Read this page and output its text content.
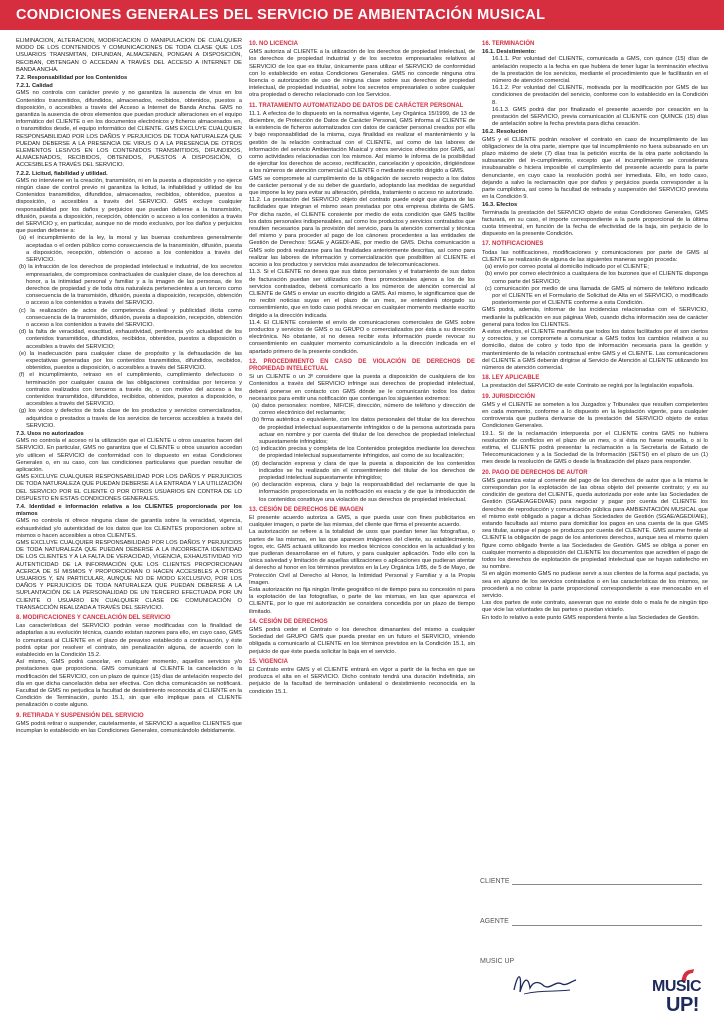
CONDICIONES GENERALES DEL SERVICIO DE AMBIENTACIÓN MUSICAL

ELIMINACIÓN, ALTERACIÓN, MODIFICACIÓN O MANIPULACIÓN DE CUALQUIER MODO DE LOS CONTENIDOS Y COMUNICACIONES DE TODA CLASE QUE LOS USUARIOS TRANSMITAN, DIFUNDAN, ALMACENEN, PONGAN A DISPOSICIÓN, RECIBAN, OBTENGAN O ACCEDAN A TRAVÉS DEL ACCESO A INTERNET DE BANDA ANCHA.

7.2. Responsabilidad por los Contenidos

7.2.1. Calidad

GMS no controla con carácter previo y no garantiza la ausencia de virus en los Contenidos transmitidos, difundidos, almacenados, recibidos, obtenidos, puestos a disposición, o accesibles a través del Acceso a Internet de Banda Ancha. GMS no garantiza la ausencia de otros elementos que puedan producir alteraciones en el equipo informático del CLIENTE o en los documentos electrónicos y ficheros almacenados en, o transmitidos desde, el equipo informático del CLIENTE. GMS EXCLUYE CUALQUIER RESPONSABILIDAD POR LOS DAÑOS Y PERJUICIOS DE TODA NATURALEZA QUE PUEDAN DEBERSE A LA PRESENCIA DE VIRUS O A LA PRESENCIA DE OTROS ELEMENTOS LESIVOS EN LOS CONTENIDOS TRANSMITIDOS, DIFUNDIDOS, ALMACENADOS, RECIBIDOS, OBTENIDOS, PUESTOS A DISPOSICIÓN, O ACCESIBLES A TRAVÉS DEL SERVICIO.

7.2.2. Licitud, fiabilidad y utilidad.

GMS no interviene en la creación, transmisión, ni en la puesta a disposición y no ejerce ningún clase de control previo ni garantiza la licitud, la infiabilidad y utilidad de los Contenidos transmitidos, difundidos, almacenados, recibidos, obtenidos, puestos a disposición, o accesibles a través del SERVICIO. GMS excluye cualquier responsabilidad por los daños y perjuicios que puedan deberse a la transmisión, difusión, puesta a disposición, recepción, obtención o acceso a los contenidos a través del SERVICIO y, en particular, aunque no de modo exclusivo, por los daños y perjuicios que puedan deberse a:

(a) el incumplimiento de la ley, la moral y las buenas costumbres generalmente aceptadas o el orden público como consecuencia de la transmisión, difusión, puesta a disposición, recepción, obtención o acceso a los contenidos a través del SERVICIO.

(b) la infracción de los derechos de propiedad intelectual e industrial, de los secretos empresariales, de compromisos contractuales de cualquier clase, de los derechos al honor, a la intimidad personal y familiar y a la imagen de las personas, de los derechos de propiedad y de toda otra naturaleza pertenecientes a un tercero como consecuencia de la transmisión, difusión, puesta a disposición, recepción, obtención o acceso a los contenidos a través del SERVICIO.

(c) la realización de actos de competencia desleal y publicidad ilícita como consecuencia de la transmisión, difusión, puesta a disposición, recepción, obtención o acceso a los contenidos a través del SERVICIO.

(d) la falta de veracidad, exactitud, exhaustividad, pertinencia y/o actualidad de los contenidos transmitidos, difundidos, recibidos, obtenidos, puestos a disposición o accesibles a través del SERVICIO;

(e) la inadecuación para cualquier clase de propósito y la defraudación de las expectativas generadas por los contenidos transmitidos, difundidos, recibidos, obtenidos, puestos a disposición, o accesibles a través del SERVICIO.

(f) el incumplimiento, retraso en el cumplimiento, cumplimiento defectuoso o terminación por cualquier causa de las obligaciones contraídas por terceros y contratos realizados con terceros a través de, o con motivo del acceso a los contenidos transmitidos, difundidos, recibidos, obtenidos, puestos a disposición, o accesibles a través del SERVICIO.

(g) los vicios y defectos de toda clase de los productos y servicios comercializados, adquiridos o prestados a través de los servicios de terceros accesibles a través del SERVICIO.

7.3. Usos no autorizados

GMS no controla el acceso ni la utilización que el CLIENTE u otros usuarios hacen del SERVICIO. En particular, GMS no garantiza que el CLIENTE u otros usuarios accedan y/o utilicen el SERVICIO de conformidad con lo dispuesto en estas Condiciones Generales o, en su caso, con las condiciones particulares que puedan resultar de aplicación.

GMS EXCLUYE CUALQUIER RESPONSABILIDAD POR LOS DAÑOS Y PERJUICIOS DE TODA NATURALEZA QUE PUEDAN DEBERSE A LA ENTRADA Y LA UTILIZACIÓN DEL SERVICIO POR EL CLIENTE O POR OTROS USUARIOS EN CONTRA DE LO DISPUESTO EN ESTAS CONDICIONES GENERALES.

7.4. Identidad e información relativa a los CLIENTES proporcionada por los mismos

GMS no controla ni ofrece ninguna clase de garantía sobre la veracidad, vigencia, exhaustividad y/o autenticidad de los datos que los CLIENTES proporcionen sobre sí mismos o hacen accesibles a otros CLIENTES.

GMS EXCLUYE CUALQUIER RESPONSABILIDAD POR LOS DAÑOS Y PERJUICIOS DE TODA NATURALEZA QUE PUEDAN DEBERSE A LA INCORRECTA IDENTIDAD DE LOS CLIENTES Y A LA FALTA DE VERACIDAD, VIGENCIA, EXHAUSTIVIDAD Y/O AUTENTICIDAD DE LA INFORMACIÓN QUE LOS CLIENTES PROPORCIONAN ACERCA DE SÍ MISMOS Y PROPORCIONAN O HACEN ACCESIBLES A OTROS USUARIOS Y, EN PARTICULAR, AUNQUE NO DE MODO EXCLUSIVO, POR LOS DAÑOS Y PERJUICIOS DE TODA NATURALEZA QUE PUEDAN DEBERSE A LA SUPLANTACIÓN DE LA PERSONALIDAD DE UN TERCERO EFECTUADA POR UN CLIENTE O USUARIO EN CUALQUIER CLASE DE COMUNICACIÓN O TRANSACCIÓN REALIZADA A TRAVÉS DEL SERVICIO.

8. MODIFICACIONES Y CANCELACIÓN DEL SERVICIO

Las características del SERVICIO podrán verse modificadas con la finalidad de adaptarlas a su evolución técnica, cuando existan razones para ello, en cuyo caso, GMS lo comunicará al CLIENTE en el plazo de preaviso establecido a continuación, y éste podrá optar por resolver el contrato, sin penalización alguna, de acuerdo con lo establecido en la Condición 15.2.

Así mismo, GMS podrá cancelar, en cualquier momento, aquellos servicios y/o prestaciones que proporciona. GMS comunicará al CLIENTE la cancelación o la modificación del SERVICIO, con un plazo de quince (15) días de antelación respecto del día en que dicha cancelación deba ser efectiva. Con dicha comunicación se notificará. Facultad de GMS no perjudica la facultad de desistimiento reconocida al CLIENTE en la Condición de Terminación, punto 15.1, sin que ello implique para el CLIENTE penalización o coste alguno.

9. RETIRADA Y SUSPENSIÓN DEL SERVICIO

GMS podrá retirar o suspender, cautelarmente, el SERVICIO a aquellos CLIENTES que incumplan lo establecido en las Condiciones Generales, comunicándolo debidamente.

10. NO LICENCIA

GMS autoriza al CLIENTE a la utilización de los derechos de propiedad intelectual, de los derechos de propiedad industrial y de los secretos empresariales relativos al SERVICIO de los que es titular, únicamente para utilizar el SERVICIO de conformidad con lo establecido en estas Condiciones Generales. GMS no concede ninguna otra licencia o autorización de uso de ninguna clase sobre sus derechos de propiedad intelectual, de propiedad industrial, sobre los secretos empresariales o sobre cualquier otra propiedad o derecho relacionado con los Servicios.

11. TRATAMIENTO AUTOMATIZADO DE DATOS DE CARÁCTER PERSONAL

11.1. A efectos de lo dispuesto en la normativa vigente, Ley Orgánica 15/1999, de 13 de diciembre, de Protección de Datos de Carácter Personal, GMS informa al CLIENTE de la existencia de ficheros automatizados con datos de carácter personal creados por ella y bajo responsabilidad de la misma, cuya finalidad es realizar el mantenimiento y la gestión de la relación contractual con el CLIENTE, así como de las labores de información del servicio Ambientación Musical y otros servicios ofrecidos por GMS, así como actividades relacionadas con los mismos. Así mismo le informa de la posibilidad de ejercitar los derechos de acceso, rectificación, cancelación y oposición, dirigiéndose a los números de atención comercial al CLIENTE o mediante escrito dirigido a GMS.

GMS se compromete al cumplimiento de la obligación de secreto respecto a los datos de carácter personal y de su deber de guardarlo, adoptando las medidas de seguridad que impone la ley para evitar su alteración, pérdida, tratamiento o acceso no autorizado.

11.2. La prestación del SERVICIO objeto del contrato puede exigir que alguna de las facilidades que integran el mismo sean prestadas por otra empresa distinta de GMS. Por dicha razón, el CLIENTE consiente por medio de esta condición que GMS facilite los datos personales indispensables, así como los productos y servicios contratados que resulten necesarios para la provisión del servicio, para la atención comercial y técnica del mismo y para proceder al pago de los cánones procedentes a las entidades de Gestión de Derechos: SGAE y AGEDI-AIE, por medio de GMS. Dicha comunicación a GMS solo podrá realizarse para las finalidades anteriormente descritas, así como para realizar las labores de información y comercialización que posibiliten al CLIENTE el acceso a los productos y servicios más avanzados de telecomunicaciones.

11.3. Si el CLIENTE no desea que sus datos personales y el tratamiento de sus datos de facturación puedan ser utilizados con fines promocionales ajenos a los de los servicios contratados, deberá comunicarlo a los números de atención comercial al CLIENTE de GMS o enviar un escrito dirigido a GMS. Así mismo, le significamos que de no recibir noticias suyas en el plazo de un mes, se entenderá otorgado su consentimiento, que en todo caso podrá revocar en cualquier momento mediante escrito dirigido a la dirección indicada.

11.4. El CLIENTE consiente el envío de comunicaciones comerciales de GMS sobre productos y servicios de GMS o su GRUPO o comercializados por ésta a su dirección electrónica. No obstante, si no desea recibir esta información puede revocar su consentimiento en cualquier momento comunicándolo a la dirección indicada en el apartado primero de la presente condición.

12. PROCEDIMIENTO EN CASO DE VIOLACIÓN DE DERECHOS DE PROPIEDAD INTELECTUAL

Si un CLIENTE o un 3º considere que la puesta a disposición de cualquiera de los Contenidos a través del SERVICIO infringe sus derechos de propiedad intelectual, deberá ponerse en contacto con GMS dónde se le comunicarán todos los datos necesarios para emitir una notificación que contengan los siguientes extremos:

(a) datos personales: nombre, NIF/CIF, dirección, número de teléfono y dirección de correo electrónico del reclamante;

(b) firma auténtica o equivalente, con los datos personales del titular de los derechos de propiedad intelectual supuestamente infringidos o de la persona autorizada para actuar en nombre y por cuenta del titular de los derechos de propiedad intelectual supuestamente infringidos;

(c) indicación precisa y completa de los Contenidos protegidos mediante los derechos de propiedad intelectual supuestamente infringidos, así como de su localización;

(d) declaración expresa y clara de que la puesta a disposición de los contenidos indicados se ha realizado sin el consentimiento del titular de los derechos de propiedad intelectual supuestamente infringidos;

(e) declaración expresa, clara y bajo la responsabilidad del reclamante de que la información proporcionada en la notificación es exacta y de que la introducción de los contenidos constituye una violación de sus derechos de propiedad intelectual.

13. CESIÓN DE DERECHOS DE IMAGEN

El presente acuerdo autoriza a GMS, a que pueda usar con fines publicitarios en cualquier imagen, o parte de las mismas, del cliente que firma el presente acuerdo.

La autorización se refiere a la totalidad de usos que puedan tener las fotografías, o partes de las mismas, en las que aparecen imágenes del cliente, su establecimiento, logos, etc. GMS actuará utilizando los medios técnicos conocidos en la actualidad y los que pudieran desarrollarse en el futuro, y para cualquier aplicación. Todo ello con la única salvedad y limitación de aquellas utilizaciones o aplicaciones que pudieran atentar al derecho al honor en los términos previstos en la Ley Orgánica 1/85, de 5 de Mayo, de Protección Civil al Derecho al Honor, la Intimidad Personal y Familiar y a la Propia Imagen.

Esta autorización no fija ningún límite geográfico ni de tiempo para su concesión ni para la explotación de las fotografías, o parte de las mismas, en las que aparezca el CLIENTE, por lo que mi autorización se considera concedida por un plazo de tiempo ilimitado.

14. CESIÓN DE DERECHOS

GMS podrá ceder el Contrato o los derechos dimanantes del mismo a cualquier Sociedad del GRUPO GMS que pueda prestar en un futuro el SERVICIO, viniendo obligada a comunicarlo al CLIENTE en los términos previstos en la Condición 15.1, sin perjuicio de que éste pueda solicitar la baja en el servicio.

15. VIGENCIA

El Contrato entre GMS y el CLIENTE entrará en vigor a partir de la fecha en que se produzca el alta en el SERVICIO. Dicho contrato tendrá una duración indefinida, sin perjuicio de la facultad de terminación unilateral o desistimiento reconocida en la condición 15.1.

16. TERMINACIÓN

16.1. Desistimiento:

16.1.1. Por voluntad del CLIENTE, comunicada a GMS, con quince (15) días de antelación respecto a la fecha en que hubiera de tener lugar la terminación efectiva de la prestación de los servicios, mediante el procedimiento que le facilitarán en el número de atención comercial.

16.1.2. Por voluntad del CLIENTE, motivada por la modificación por GMS de las condiciones de prestación del servicio, conforme con lo establecido en la Condición 8.

16.1.3. GMS podrá dar por finalizado el presente acuerdo por cesación en la prestación del SERVICIO, previa comunicación al CLIENTE con QUINCE (15) días de antelación sobre la fecha prevista para dicha cesación.

16.2. Resolución

GMS y el CLIENTE podrán resolver el contrato en caso de incumplimiento de las obligaciones de la otra parte, siempre que tal incumplimiento no fuera subsanado en un plazo máximo de siete (7) días tras la petición escrita de la otra parte solicitando la subsanación del in-cumplimiento, excepto que el incumplimiento se considerara insubsanable o hiciera imposible el cumplimiento del presente acuerdo para la parte denunciante, en cuyo caso la resolución podrá ser inmediata. Ello, en todo caso, dejando a salvo la reclamación que por daños y perjuicios pueda corresponder a la parte cumplidora, así como la facultad de retirada y suspensión del SERVICIO prevista en la Condición 9.

16.3. Efectos

Terminada la prestación del SERVICIO objeto de estas Condiciones Generales, GMS facturará, en su caso, el importe correspondiente a la parte proporcional de la última cuota trimestral, en función de la fecha de efectividad de la baja, sin perjuicio de lo dispuesto en la presente Condición.

17. NOTIFICACIONES

Todas las notificaciones, modificaciones y comunicaciones por parte de GMS al CLIENTE se realizarán de alguna de las siguientes maneras según proceda:

(a) envío por correo postal al domicilio indicado por el CLIENTE;

(b) envío por correo electrónico a cualquiera de los buzones que el CLIENTE disponga como parte del SERVICIO;

(c) comunicación por medio de una llamada de GMS al número de teléfono indicado por el CLIENTE en el Formulario de Solicitud de Alta en el SERVICIO, o modificado posteriormente por el CLIENTE conforme a esta Condición.

GMS podrá, además, informar de las incidencias relacionadas con el SERVICIO, mediante la publicación en sus páginas Web, cuando dicha información sea de carácter general para todos los CLIENTES.

A estos efectos, el CLIENTE manifiesta que todos los datos facilitados por él son ciertos y correctos, y se compromete a comunicar a GMS todos los cambios relativos a su domicilio, datos de cobro y todo tipo de información necesaria para la gestión y mantenimiento de la relación contractual entre GMS y el CLIENTE. Las comunicaciones del CLIENTE a GMS deberán dirigirse al Servicio de Atención al CLIENTE utilizando los números de atención comercial.

18. LEY APLICABLE

La prestación del SERVICIO de este Contrato se regirá por la legislación española.

19. JURISDICCIÓN

GMS y el CLIENTE se someten a los Juzgados y Tribunales que resulten competentes en cada momento, conforme a lo dispuesto en la legislación vigente, para cualquier controversia que pudiera derivarse de la prestación del SERVICIO objeto de estas Condiciones Generales.

19.1. Si de la reclamación interpuesta por el CLIENTE contra GMS no hubiera resolución de conflictos en el plazo de un mes, o si ésta no fuese resuelta, o si lo estima, el CLIENTE podrá presentar la reclamación a la Secretaría de Estado de Telecomunicaciones y a la Sociedad de la Información (SETSI) en el plazo de un (1) mes desde la resolución de GMS o desde la finalización del plazo para responder.

20. PAGO DE DERECHOS DE AUTOR

GMS garantiza estar al corriente del pago de los derechos de autor que a la misma le correspondan por la explotación de las obras objeto del presente contrato; y es su condición de gestora del CLIENTE, queda autorizada por este ante las Sociedades de Gestión (SGAE/AGEDI/AIE) para negociar y pagar por cuenta del CLIENTE los derechos de reproducción y comunicación pública para AMBIENTACIÓN MUSICAL que el mismo esté obligado a pagar a dichas Sociedades de Gestión (SGAE/AGEDI/AIE), estando facultada así mismo para domiciliar los pagos en una cuenta de la que GMS sea titular, aunque el pago se produzca por cuenta del CLIENTE. GMS asume frente al CLIENTE la obligación de pago de los anteriores derechos, aunque sea el mismo quien figure como obligado frente a las Sociedades de Gestión. GMS se obliga a poner en cualquier momento a disposición del CLIENTE los documentos que acrediten el pago de todos los derechos de explotación de propiedad intelectual que se hayan satisfecho en su nombre.

Si en algún momento GMS no pudiese servir a sus clientes de la forma aquí pactada, ya sea en alguno de los servicios contratados o en las características de los mismos, se procederá a no cobrar la parte proporcional correspondiente a ese menoscabo en el servicio.

Las dos partes de este contrato, aseveran que no existe dolo o mala fe de ningún tipo que vicie las voluntades de las partes o puedan viciarlo.

En todo lo relativo a este punto GMS responderá frente a las Sociedades de Gestión.

CLIENTE
AGENTE
MUSIC UP
MUSIC
UP!
